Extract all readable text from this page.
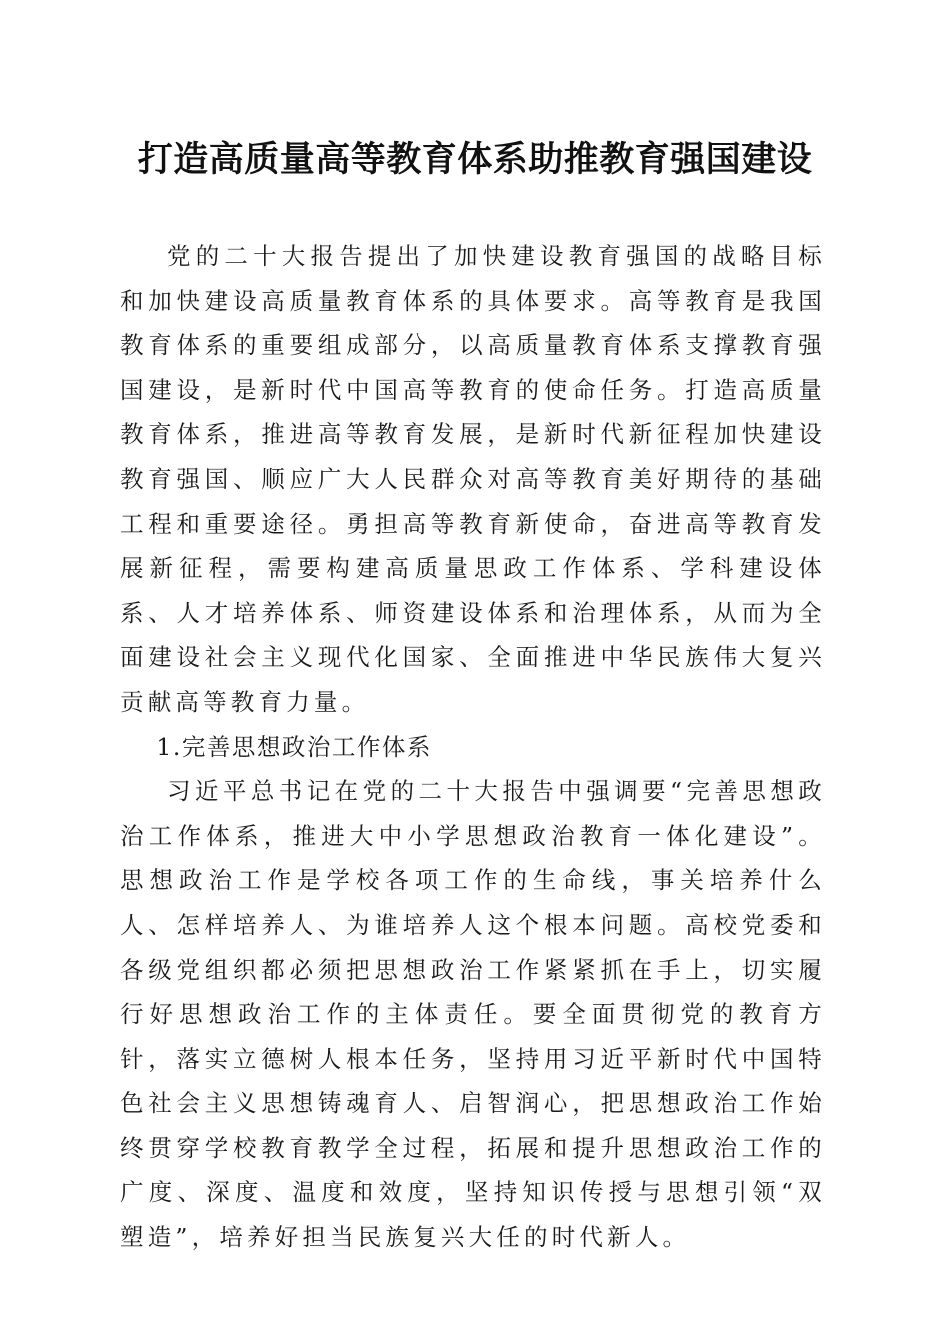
打造高质量高等教育体系助推教育强国建设

党的二十大报告提出了加快建设教育强国的战略目标和加快建设高质量教育体系的具体要求。高等教育是我国教育体系的重要组成部分，以高质量教育体系支撑教育强国建设，是新时代中国高等教育的使命任务。打造高质量教育体系，推进高等教育发展，是新时代新征程加快建设教育强国、顺应广大人民群众对高等教育美好期待的基础工程和重要途径。勇担高等教育新使命，奋进高等教育发展新征程，需要构建高质量思政工作体系、学科建设体系、人才培养体系、师资建设体系和治理体系，从而为全面建设社会主义现代化国家、全面推进中华民族伟大复兴贡献高等教育力量。

1.完善思想政治工作体系

习近平总书记在党的二十大报告中强调要“完善思想政治工作体系，推进大中小学思想政治教育一体化建设”。思想政治工作是学校各项工作的生命线，事关培养什么人、怎样培养人、为谁培养人这个根本问题。高校党委和各级党组织都必须把思想政治工作紧紧抓在手上，切实履行好思想政治工作的主体责任。要全面贯彻党的教育方针，落实立德树人根本任务，坚持用习近平新时代中国特色社会主义思想铸魂育人、启智润心，把思想政治工作始终贯穿学校教育教学全过程，拓展和提升思想政治工作的广度、深度、温度和效度，坚持知识传授与思想引领“双塑造”，培养好担当民族复兴大任的时代新人。
